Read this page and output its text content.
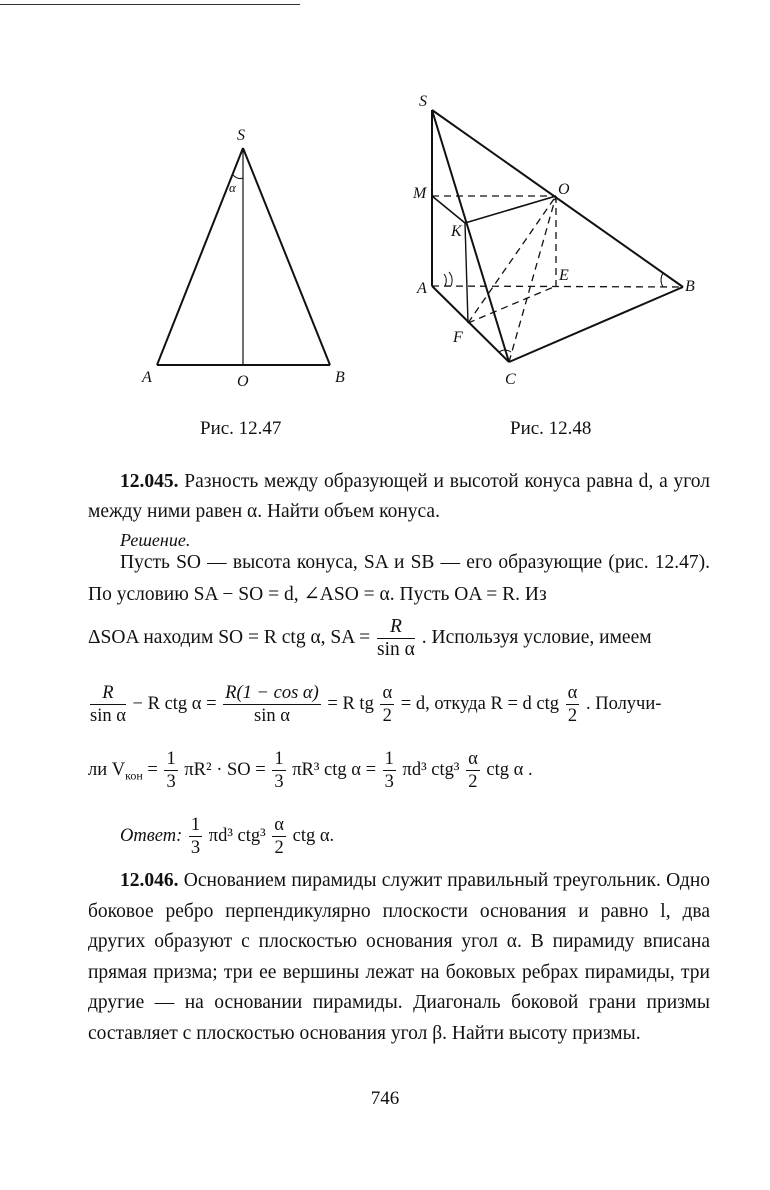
S
α
A	O	B
Рис. 12.47
S
M	O
K
A
E
B
F
C
Рис. 12.48
12.045. Разность между образующей и высотой конуса равна d, а угол между ними равен α. Найти объем конуса.
Решение.
Пусть SO — высота конуса, SA и SB — его образующие (рис. 12.47). По условию SA − SO = d, ∠ASO = α. Пусть OA = R. Из
ΔSOA находим SO = R ctg α, SA = $\frac{R}{\text{sin α}}$ . Используя условие, имеем
$\frac{R}{\text{sin α}} - R$ ctg $\alpha = \frac{\text{R(1 − cos α)}}{\text{sin α}} = R$ tg $\frac{\alpha}{2} = d$, откуда R = d ctg $\frac{\alpha}{2}$ . Получи-
ли $V_{кон} = \frac{1}{3} \pi R^2$ · SO = $\frac{1}{3} \pi R^3$ ctg $\alpha = \frac{1}{3} \pi d^3$ $ctg^3 \frac{\alpha}{2}$ ctg α .
Ответ: $\frac{1}{3} \pi d^3$ $ctg^3 \frac{\alpha}{2}$ ctg α.
12.046. Основанием пирамиды служит правильный треугольник. Одно боковое ребро перпендикулярно плоскости основания и равно l, два других образуют с плоскостью основания угол α. В пирамиду вписана прямая призма; три ее вершины лежат на боковых ребрах пирамиды, три другие — на основании пирамиды. Диагональ боковой грани призмы составляет с плоскостью основания угол β. Найти высоту призмы.
746
